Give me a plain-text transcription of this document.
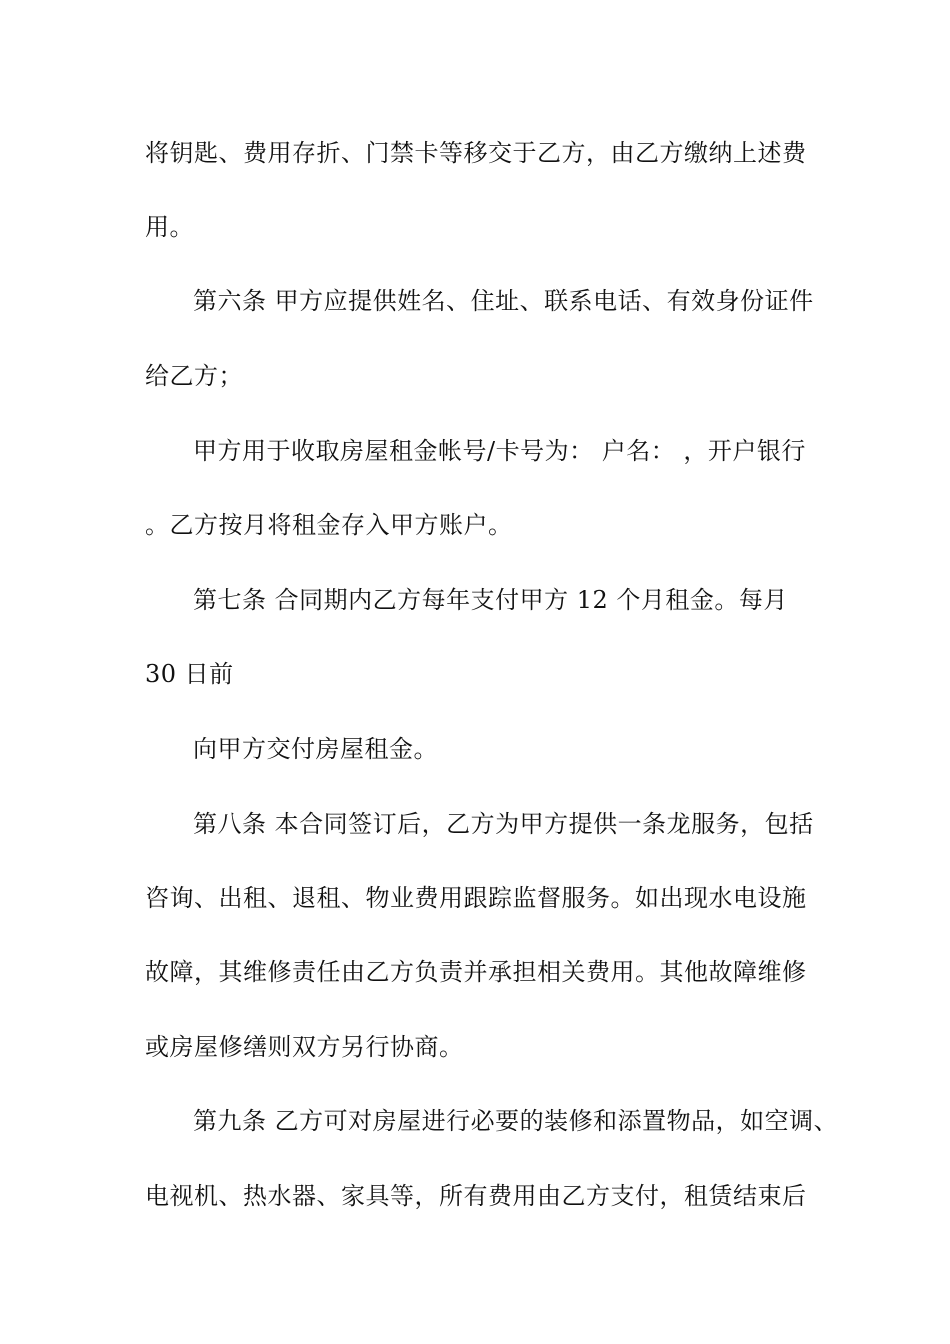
将钥匙、费用存折、门禁卡等移交于乙方，由乙方缴纳上述费
用。
第六条 甲方应提供姓名、住址、联系电话、有效身份证件
给乙方；
甲方用于收取房屋租金帐号/卡号为： 户名： ，开户银行
。乙方按月将租金存入甲方账户。
第七条 合同期内乙方每年支付甲方 12 个月租金。每月
30 日前
向甲方交付房屋租金。
第八条 本合同签订后，乙方为甲方提供一条龙服务，包括
咨询、出租、退租、物业费用跟踪监督服务。如出现水电设施
故障，其维修责任由乙方负责并承担相关费用。其他故障维修
或房屋修缮则双方另行协商。
第九条 乙方可对房屋进行必要的装修和添置物品，如空调、
电视机、热水器、家具等，所有费用由乙方支付，租赁结束后
